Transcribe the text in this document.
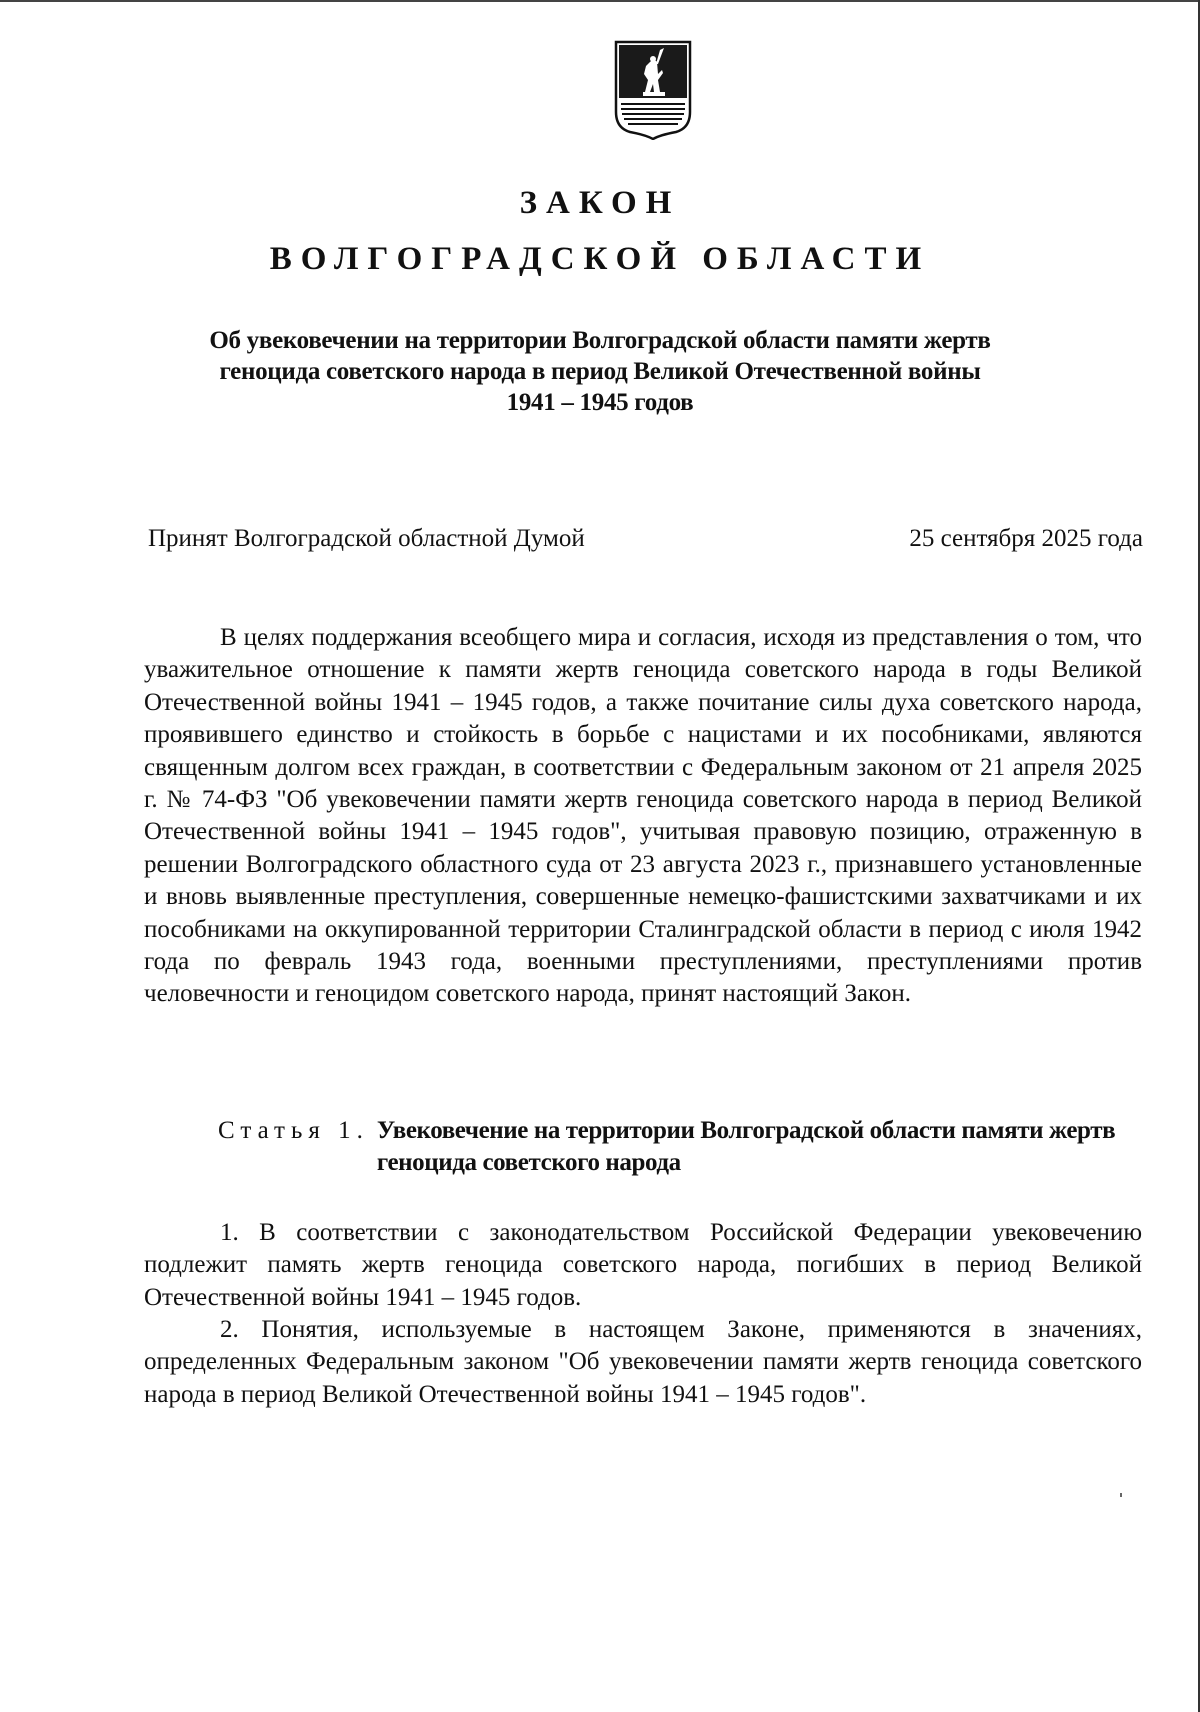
ЗАКОН

ВОЛГОГРАДСКОЙ ОБЛАСТИ

Об увековечении на территории Волгоградской области памяти жертв геноцида советского народа в период Великой Отечественной войны 1941 – 1945 годов
Принят Волгоградской областной Думой	25 сентября 2025 года

В целях поддержания всеобщего мира и согласия, исходя из представления о том, что уважительное отношение к памяти жертв геноцида советского народа в годы Великой Отечественной войны 1941 – 1945 годов, а также почитание силы духа советского народа, проявившего единство и стойкость в борьбе с нацистами и их пособниками, являются священным долгом всех граждан, в соответствии с Федеральным законом от 21 апреля 2025 г. № 74-ФЗ "Об увековечении памяти жертв геноцида советского народа в период Великой Отечественной войны 1941 – 1945 годов", учитывая правовую позицию, отраженную в решении Волгоградского областного суда от 23 августа 2023 г., признавшего установленные и вновь выявленные преступления, совершенные немецко-фашистскими захватчиками и их пособниками на оккупированной территории Сталинградской области в период с июля 1942 года по февраль 1943 года, военными преступлениями, преступлениями против человечности и геноцидом советского народа, принят настоящий Закон.

Статья 1. Увековечение на территории Волгоградской области памяти жертв геноцида советского народа

1. В соответствии с законодательством Российской Федерации увековечению подлежит память жертв геноцида советского народа, погибших в период Великой Отечественной войны 1941 – 1945 годов.

2. Понятия, используемые в настоящем Законе, применяются в значениях, определенных Федеральным законом "Об увековечении памяти жертв геноцида советского народа в период Великой Отечественной войны 1941 – 1945 годов".
